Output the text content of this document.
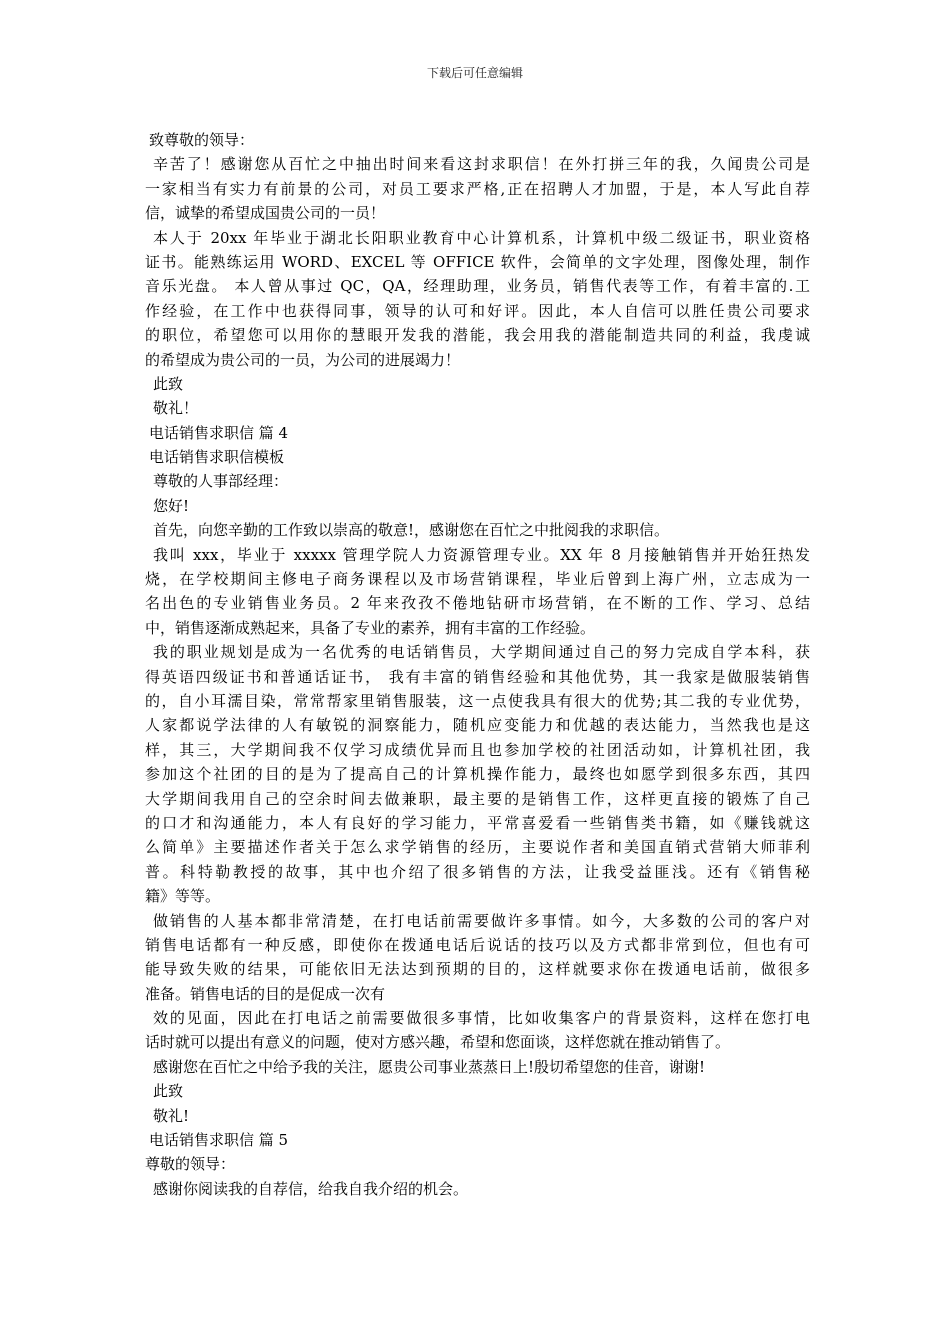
下载后可任意编辑
致尊敬的领导：
辛苦了！感谢您从百忙之中抽出时间来看这封求职信！在外打拼三年的我，久闻贵公司是
一家相当有实力有前景的公司，对员工要求严格,正在招聘人才加盟，于是，本人写此自荐
信，诚挚的希望成国贵公司的一员！
本人于 20xx 年毕业于湖北长阳职业教育中心计算机系，计算机中级二级证书，职业资格
证书。能熟练运用 WORD、EXCEL 等 OFFICE 软件，会简单的文字处理，图像处理，制作
音乐光盘。 本人曾从事过 QC，QA，经理助理，业务员，销售代表等工作，有着丰富的.工
作经验，在工作中也获得同事，领导的认可和好评。因此，本人自信可以胜任贵公司要求
的职位，希望您可以用你的慧眼开发我的潜能，我会用我的潜能制造共同的利益，我虔诚
的希望成为贵公司的一员，为公司的进展竭力！
此致
敬礼！
电话销售求职信 篇 4
电话销售求职信模板
尊敬的人事部经理：
您好!
首先，向您辛勤的工作致以崇高的敬意!，感谢您在百忙之中批阅我的求职信。
我叫 xxx，毕业于 xxxxx 管理学院人力资源管理专业。XX 年 8 月接触销售并开始狂热发
烧，在学校期间主修电子商务课程以及市场营销课程，毕业后曾到上海广州，立志成为一
名出色的专业销售业务员。2 年来孜孜不倦地钻研市场营销，在不断的工作、学习、总结
中，销售逐渐成熟起来，具备了专业的素养，拥有丰富的工作经验。
我的职业规划是成为一名优秀的电话销售员，大学期间通过自己的努力完成自学本科，获
得英语四级证书和普通话证书， 我有丰富的销售经验和其他优势，其一我家是做服装销售
的，自小耳濡目染，常常帮家里销售服装，这一点使我具有很大的优势;其二我的专业优势，
人家都说学法律的人有敏锐的洞察能力，随机应变能力和优越的表达能力，当然我也是这
样，其三，大学期间我不仅学习成绩优异而且也参加学校的社团活动如，计算机社团，我
参加这个社团的目的是为了提高自己的计算机操作能力，最终也如愿学到很多东西，其四
大学期间我用自己的空余时间去做兼职，最主要的是销售工作，这样更直接的锻炼了自己
的口才和沟通能力，本人有良好的学习能力，平常喜爱看一些销售类书籍，如《赚钱就这
么简单》主要描述作者关于怎么求学销售的经历，主要说作者和美国直销式营销大师菲利
普。科特勒教授的故事，其中也介绍了很多销售的方法，让我受益匪浅。还有《销售秘
籍》等等。
做销售的人基本都非常清楚，在打电话前需要做许多事情。如今，大多数的公司的客户对
销售电话都有一种反感，即使你在拨通电话后说话的技巧以及方式都非常到位，但也有可
能导致失败的结果，可能依旧无法达到预期的目的，这样就要求你在拨通电话前，做很多
准备。销售电话的目的是促成一次有
效的见面，因此在打电话之前需要做很多事情，比如收集客户的背景资料，这样在您打电
话时就可以提出有意义的问题，使对方感兴趣，希望和您面谈，这样您就在推动销售了。
感谢您在百忙之中给予我的关注，愿贵公司事业蒸蒸日上!殷切希望您的佳音，谢谢!
此致
敬礼!
电话销售求职信 篇 5
尊敬的领导：
感谢你阅读我的自荐信，给我自我介绍的机会。
